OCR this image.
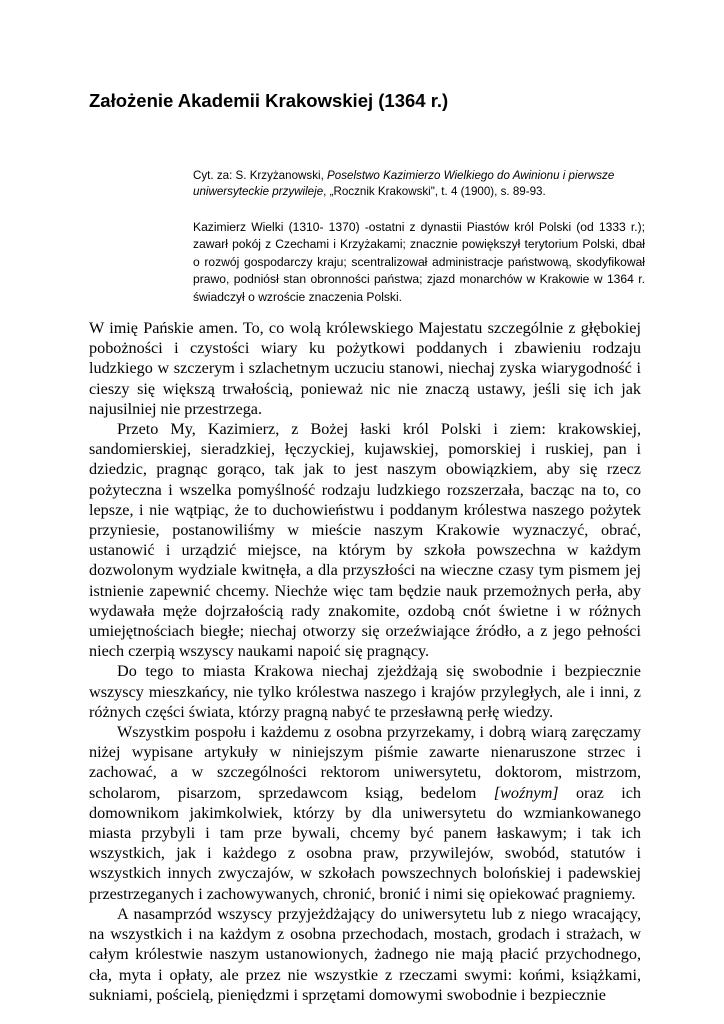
Założenie Akademii Krakowskiej (1364 r.)

Cyt. za: S. Krzyżanowski, Poselstwo Kazimierzo Wielkiego do Awinionu i pierwsze uniwersyteckie przywileje, „Rocznik Krakowski", t. 4 (1900), s. 89-93.

Kazimierz Wielki (1310- 1370) -ostatni z dynastii Piastów król Polski (od 1333 r.); zawarł pokój z Czechami i Krzyżakami; znacznie powiększył terytorium Polski, dbał o rozwój gospodarczy kraju; scentralizował administracje państwową, skodyfikował prawo, podniósł stan obronności państwa; zjazd monarchów w Krakowie w 1364 r. świadczył o wzroście znaczenia Polski.

W imię Pańskie amen. To, co wolą królewskiego Majestatu szczególnie z głębokiej pobożności i czystości wiary ku pożytkowi poddanych i zbawieniu rodzaju ludzkiego w szczerym i szlachetnym uczuciu stanowi, niechaj zyska wiarygodność i cieszy się większą trwałością, ponieważ nic nie znaczą ustawy, jeśli się ich jak najusilniej nie przestrzega.

Przeto My, Kazimierz, z Bożej łaski król Polski i ziem: krakowskiej, sandomierskiej, sieradzkiej, łęczyckiej, kujawskiej, pomorskiej i ruskiej, pan i dziedzic, pragnąc gorąco, tak jak to jest naszym obowiązkiem, aby się rzecz pożyteczna i wszelka pomyślność rodzaju ludzkiego rozszerzała, bacząc na to, co lepsze, i nie wątpiąc, że to duchowieństwu i poddanym królestwa naszego pożytek przyniesie, postanowiliśmy w mieście naszym Krakowie wyznaczyć, obrać, ustanowić i urządzić miejsce, na którym by szkoła powszechna w każdym dozwolonym wydziale kwitnęła, a dla przyszłości na wieczne czasy tym pismem jej istnienie zapewnić chcemy. Niechże więc tam będzie nauk przemożnych perła, aby wydawała męże dojrzałością rady znakomite, ozdobą cnót świetne i w różnych umiejętnościach biegłe; niechaj otworzy się orzeźwiające źródło, a z jego pełności niech czerpią wszyscy naukami napoić się pragnący.

Do tego to miasta Krakowa niechaj zjeżdżają się swobodnie i bezpiecznie wszyscy mieszkańcy, nie tylko królestwa naszego i krajów przyległych, ale i inni, z różnych części świata, którzy pragną nabyć te przesławną perłę wiedzy.

Wszystkim pospołu i każdemu z osobna przyrzekamy, i dobrą wiarą zaręczamy niżej wypisane artykuły w niniejszym piśmie zawarte nienaruszone strzec i zachować, a w szczególności rektorom uniwersytetu, doktorom, mistrzom, scholarom, pisarzom, sprzedawcom ksiąg, bedelom [woźnym] oraz ich domownikom jakimkolwiek, którzy by dla uniwersytetu do wzmiankowanego miasta przybyli i tam prze bywali, chcemy być panem łaskawym; i tak ich wszystkich, jak i każdego z osobna praw, przywilejów, swobód, statutów i wszystkich innych zwyczajów, w szkołach powszechnych bolońskiej i padewskiej przestrzeganych i zachowywanych, chronić, bronić i nimi się opiekować pragniemy.

A nasamprzód wszyscy przyjeżdżający do uniwersytetu lub z niego wracający, na wszystkich i na każdym z osobna przechodach, mostach, grodach i strażach, w całym królestwie naszym ustanowionych, żadnego nie mają płacić przychodnego, cła, myta i opłaty, ale przez nie wszystkie z rzeczami swymi: końmi, książkami, sukniami, pościelą, pieniędzmi i sprzętami domowymi swobodnie i bezpiecznie
